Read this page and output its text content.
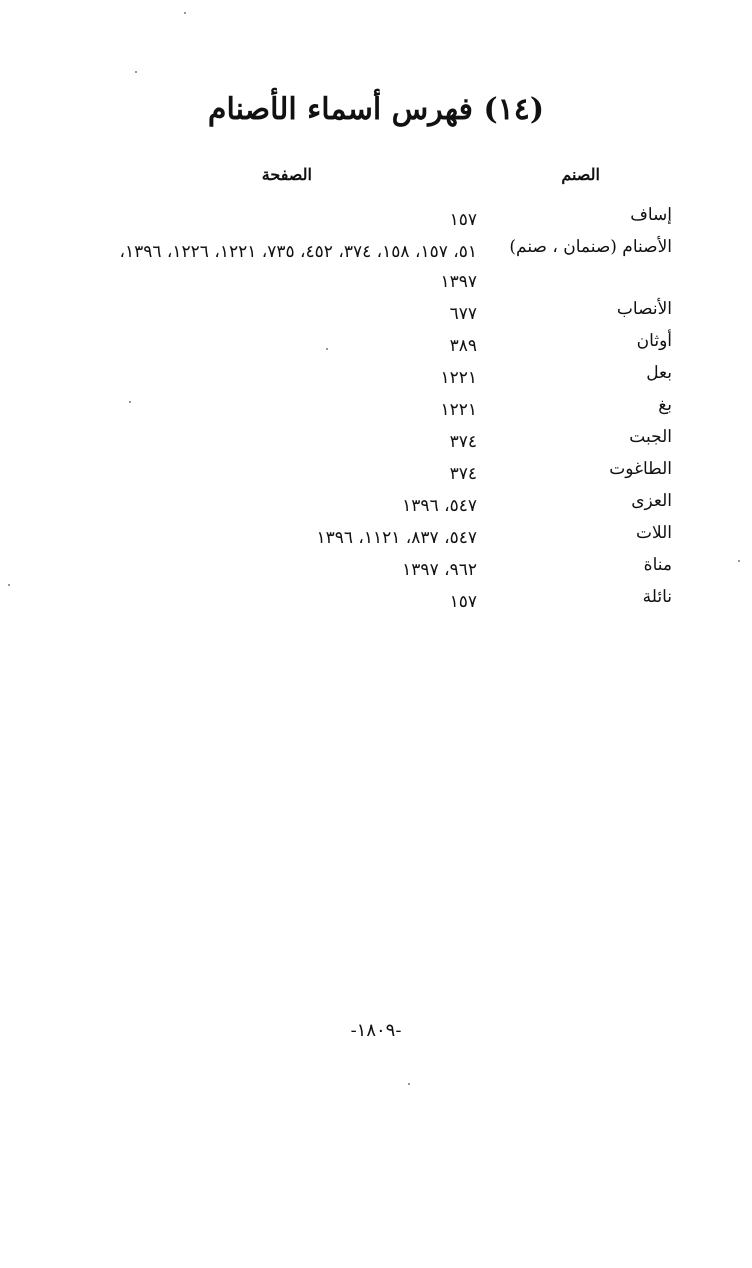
(١٤) فهرس أسماء الأصنام
الصنم
الصفحة
إساف
١٥٧
الأصنام (صنمان ، صنم)
٥١، ١٥٧، ١٥٨، ٣٧٤، ٤٥٢، ٧٣٥، ١٢٢١، ١٢٢٦، ١٣٩٦، ١٣٩٧
الأنصاب
٦٧٧
أوثان
٣٨٩
بعل
١٢٢١
بغ
١٢٢١
الجبت
٣٧٤
الطاغوت
٣٧٤
العزى
٥٤٧، ١٣٩٦
اللات
٥٤٧، ٨٣٧، ١١٢١، ١٣٩٦
مناة
٩٦٢، ١٣٩٧
نائلة
١٥٧
-١٨٠٩-
